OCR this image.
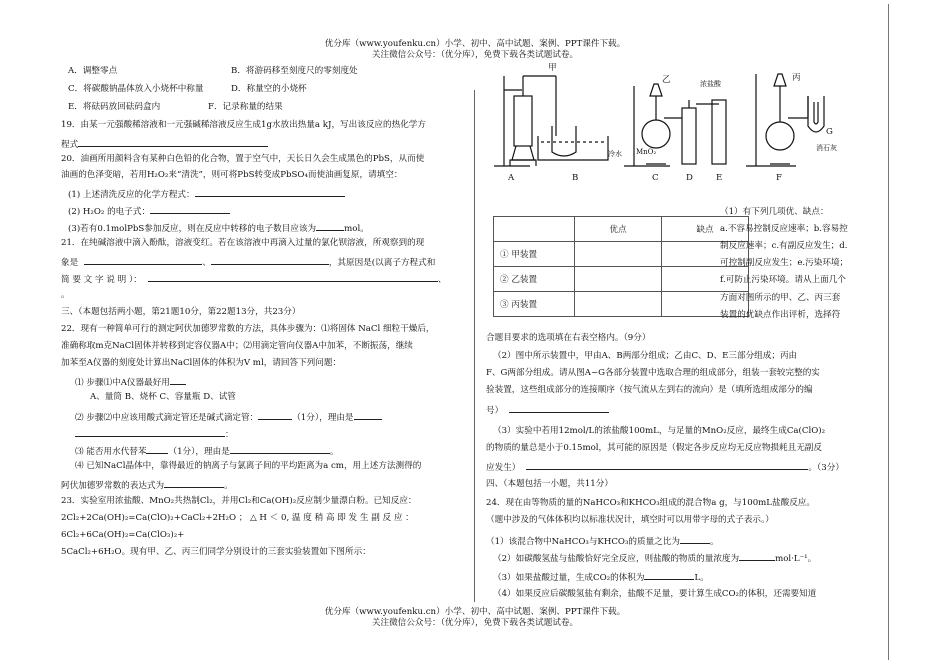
优分库（www.youfenku.cn）小学、初中、高中试题、案例、PPT课件下载。
关注微信公众号：（优分库），免费下载各类试题试卷。
A．调整零点	B．将游码移至刻度尺的零刻度处
C．将碳酸钠晶体放入小烧杯中称量	D．称量空的小烧杯
E．将砝码放回砝码盒内	F．记录称量的结果
19．由某一元强酸稀溶液和一元强碱稀溶液反应生成1g水放出热量a kJ，写出该反应的热化学方
程式
20．油画所用颜料含有某种白色铅的化合物，置于空气中，天长日久会生成黑色的PbS，从而使
油画的色泽变暗，若用H₂O₂来“清洗”，则可将PbS转变成PbSO₄而使油画复原，请填空：
(1) 上述清洗反应的化学方程式：
(2) H₂O₂ 的电子式：
(3)若有0.1molPbS参加反应，则在反应中转移的电子数目应该为	mol。
21．在纯碱溶液中滴入酚酞，溶液变红。若在该溶液中再滴入过量的氯化钡溶液，所观察到的现
象是	、	，其原因是(以离子方程式和
简 要 文 字 说 明 ）：	、
。
三、（本题包括两小题，第21题10分，第22题13分，共23分）
22．现有一种简单可行的测定阿伏加德罗常数的方法，具体步骤为：⑴将固体 NaCl 细粒干燥后，
准确称取m克NaCl固体并转移到定容仪器A中；⑵用滴定管向仪器A中加苯，不断振荡，继续
加苯至A仪器的刻度处计算出NaCl固体的体积为V ml，请回答下列问题：
⑴ 步骤⑴中A仪器最好用
A、量筒 B、烧杯 C、容量瓶 D、试管
⑵ 步骤⑵中应该用酸式滴定管还是碱式滴定管：	（1分），理由是
：
⑶ 能否用水代替苯	（1分），理由是	。
⑷ 已知NaCl晶体中，靠得最近的钠离子与氯离子间的平均距离为a cm，用上述方法测得的
阿伏加德罗常数的表达式为	。
23．实验室用浓盐酸、MnO₂共热制Cl₂，并用Cl₂和Ca(OH)₂反应制少量漂白粉。已知反应：
2Cl₂+2Ca(OH)₂=Ca(ClO)₂+CaCl₂+2H₂O ； △ H ＜ 0, 温 度 稍 高 即 发 生 副 反 应 ：
6Cl₂+6Ca(OH)₂=Ca(ClO₃)₂+
5CaCl₂+6H₂O。现有甲、乙、丙三们同学分别设计的三套实验装置如下图所示：
甲
乙	丙
A	B	C	D	E	F
G
冷水
消石灰
浓盐酸
MnO₂
	优点	缺点
① 甲装置		
② 乙装置		
③ 丙装置		
（1）有下列几项优、缺点：
a.不容易控制反应速率；b.容易控
制反应速率；c.有副反应发生；d.
可控制副反应发生；e.污染环境；
f.可防止污染环境。请从上面几个
方面对图所示的甲、乙、丙三套
装置的优缺点作出评析，选择符
合题目要求的选项填在右表空格内。（9分）
（2）图中所示装置中，甲由A、B两部分组成；乙由C、D、E三部分组成；丙由
F、G两部分组成。请从图A~G各部分装置中选取合理的组成部分，组装一套较完整的实
验装置，这些组成部分的连接顺序（按气流从左到右的流向）是（填所选组成部分的编
号）
（3）实验中若用12mol/L的浓盐酸100mL，与足量的MnO₂反应，最终生成Ca(ClO)₂
的物质的量总是小于0.15mol，其可能的原因是（假定各步反应均无反应物损耗且无副反
应发生）	。（3分）
四、（本题包括一小题，共11分）
24．现在由等物质的量的NaHCO₃和KHCO₃组成的混合物a g，与100mL盐酸反应。
（题中涉及的气体体积均以标准状况计，填空时可以用带字母的式子表示。）
（1）该混合物中NaHCO₃与KHCO₃的质量之比为	。
（2）如碳酸氢盐与盐酸恰好完全反应，则盐酸的物质的量浓度为	mol·L⁻¹。
（3）如果盐酸过量，生成CO₂的体积为	L。
（4）如果反应后碳酸氢盐有剩余，盐酸不足量，要计算生成CO₂的体积，还需要知道
优分库（www.youfenku.cn）小学、初中、高中试题、案例、PPT课件下载。
关注微信公众号：（优分库），免费下载各类试题试卷。
